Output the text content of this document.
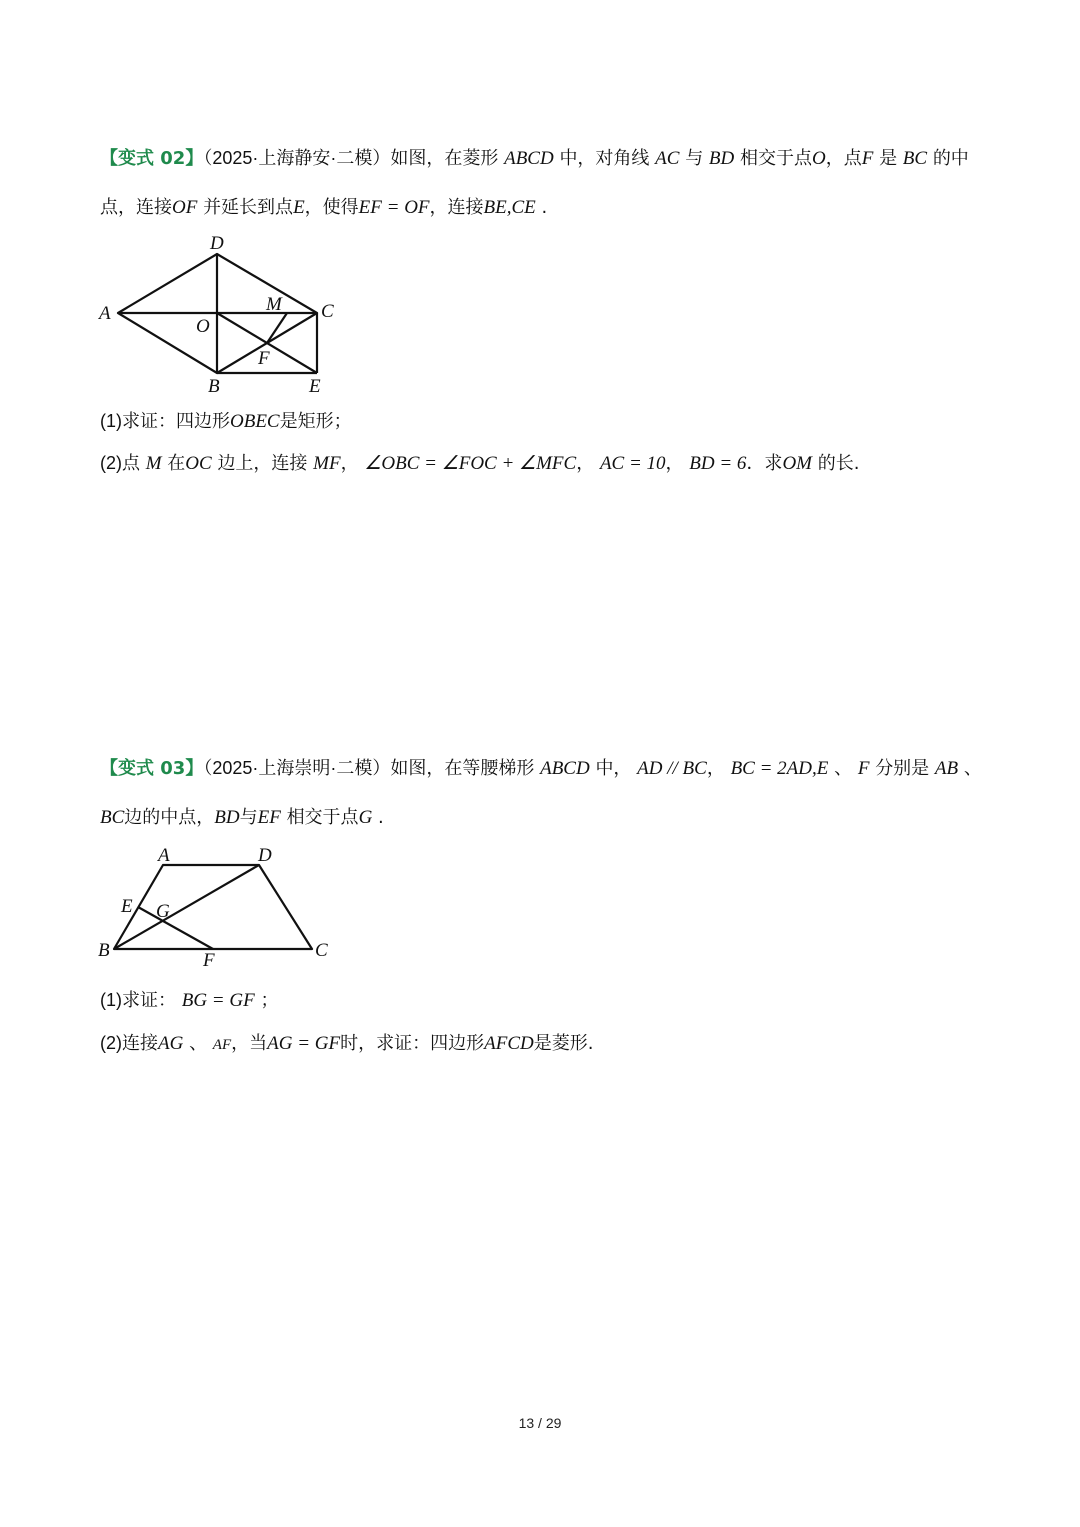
【变式 02】（2025·上海静安·二模）如图，在菱形 ABCD 中，对角线 AC 与 BD 相交于点O，点F 是 BC 的中
点，连接OF 并延长到点E，使得EF = OF，连接BE,CE .
A
D
C
B	E
O
M
F
(1)求证：四边形OBEC是矩形；
(2)点 M 在OC 边上，连接 MF， ∠OBC = ∠FOC + ∠MFC， AC = 10， BD = 6．求OM 的长.
【变式 03】（2025·上海崇明·二模）如图，在等腰梯形 ABCD 中， AD // BC， BC = 2AD,E 、 F 分别是 AB 、
BC边的中点，BD与EF 相交于点G .
A	D
E G
B	F	C
(1)求证： BG = GF ；
(2)连接AG 、 AF，当AG = GF时，求证：四边形AFCD是菱形.
13 / 29
